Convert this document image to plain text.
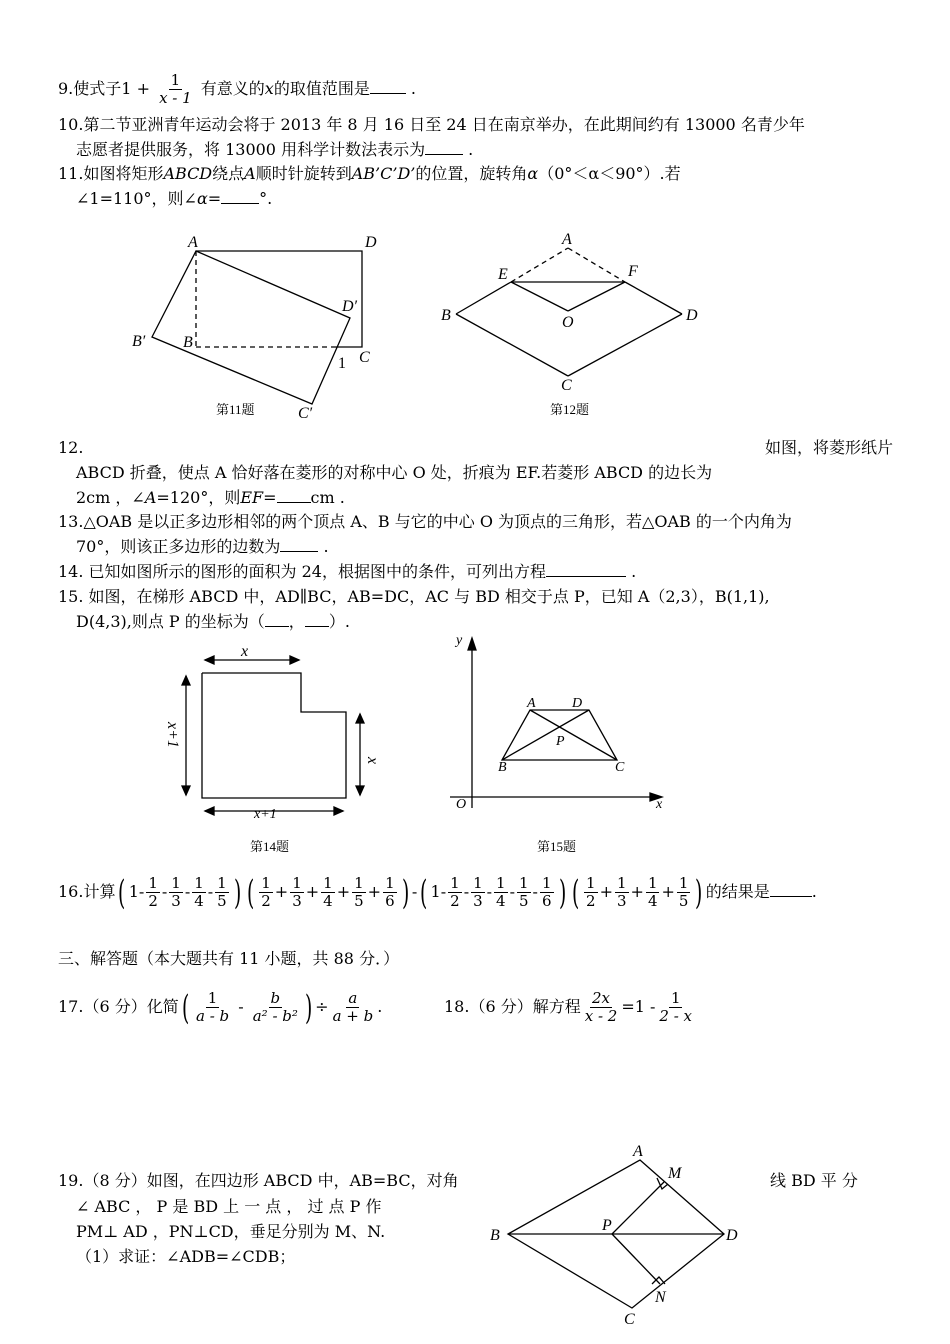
9.使式子$1 + \frac{1}{x - 1}$ 有意义的x的取值范围是	.
10.第二节亚洲青年运动会将于 2013 年 8 月 16 日至 24 日在南京举办，在此期间约有 13000 名青少年
志愿者提供服务，将 13000 用科学计数法表示为	.
11.如图将矩形ABCD绕点A顺时针旋转到AB’C’D’的位置，旋转角α（0°＜α＜90°）.若
∠1=110°，则∠α= °.
A	D
D′
B′ B
1 C
C′
第11题
A
E	F
B	O	D
C
第12题
x
x+1
x
x+1
第14题
y
x
O
A	D
P
B	C
第15题
A
M
B
P
D
N
C
12.	如图，将菱形纸片
ABCD 折叠，使点 A 恰好落在菱形的对称中心 O 处，折痕为 EF.若菱形 ABCD 的边长为
2cm ，∠A=120°，则EF= cm .
13.△OAB 是以正多边形相邻的两个顶点 A、B 与它的中心 O 为顶点的三角形，若△OAB 的一个内角为
70°，则该正多边形的边数为	.
14. 已知如图所示的图形的面积为 24，根据图中的条件，可列出方程	.
15. 如图，在梯形 ABCD 中，AD∥BC，AB=DC，AC 与 BD 相交于点 P，已知 A（2,3），B(1,1),
D(4,3),则点 P 的坐标为（ ， ）.
16.计算( $1- \frac{1}{2} - \frac{1}{3} - \frac{1}{4} - \frac{1}{5}$ ) ( $\frac{1}{2} + \frac{1}{3} + \frac{1}{4} + \frac{1}{5} + \frac{1}{6}$ ) -( $1- \frac{1}{2} - \frac{1}{3} - \frac{1}{4} - \frac{1}{5} - \frac{1}{6}$ ) ( $\frac{1}{2} + \frac{1}{3} + \frac{1}{4} + \frac{1}{5}$ ) 的结果是	.
三、解答题（本大题共有 11 小题，共 88 分．）
17.（6 分）化简( $\frac{1}{a - b} - \frac{b}{\text{a² - b²}}$ ) ÷ $\frac{a}{a + b}$ .	18.（6 分）解方程 $\frac{2x}{x - 2} =1 - \frac{1}{2 - x}$
19.（8 分）如图，在四边形 ABCD 中，AB=BC，对角	线 BD 平 分
∠ ABC ， P 是 BD 上 一 点 ， 过 点 P 作
PM⊥ AD ，PN⊥CD，垂足分别为 M、N.
（1）求证：∠ADB=∠CDB；
